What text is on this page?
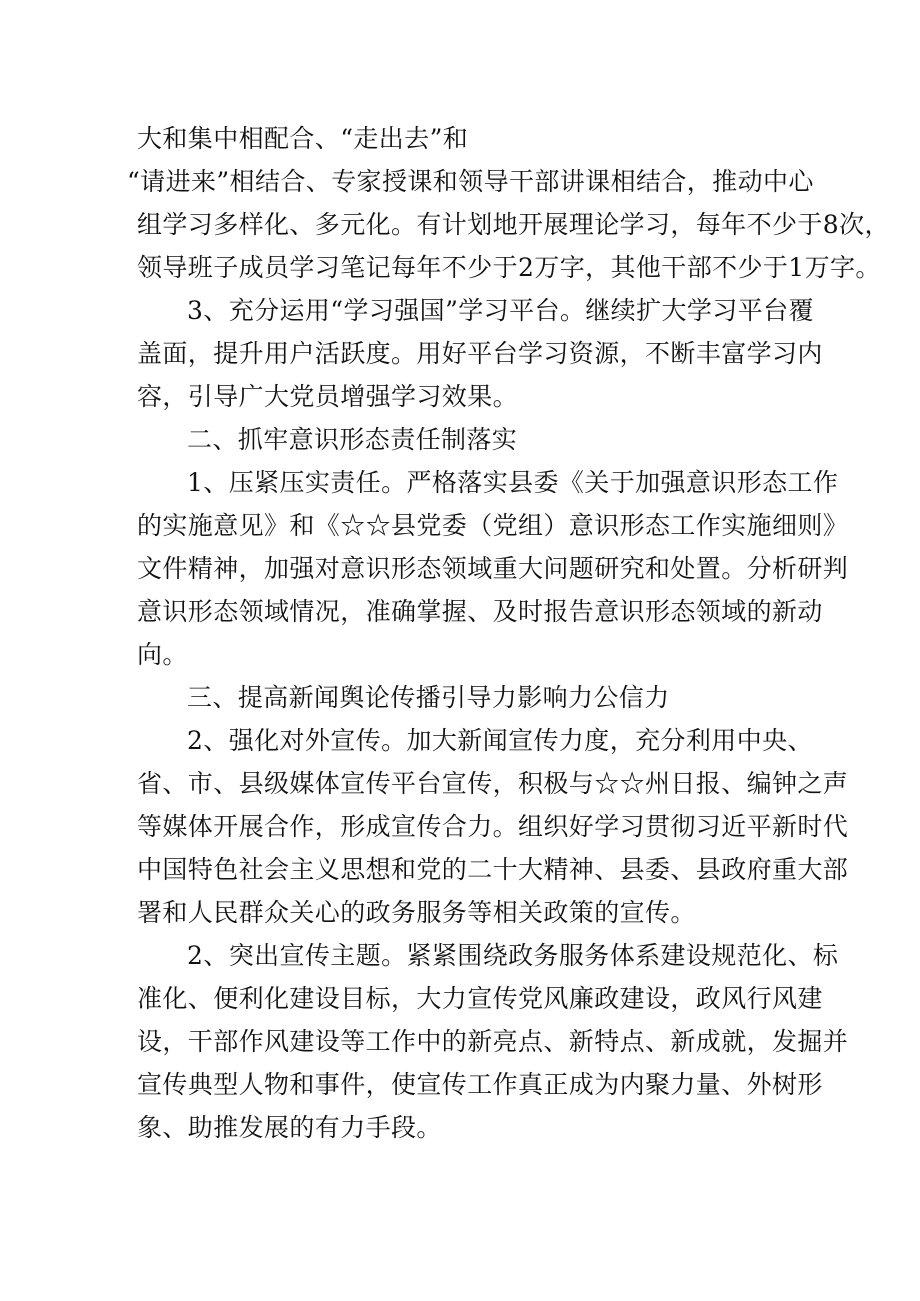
大和集中相配合、“走出去”和
“请进来”相结合、专家授课和领导干部讲课相结合，推动中心
组学习多样化、多元化。有计划地开展理论学习，每年不少于8次，
领导班子成员学习笔记每年不少于2万字，其他干部不少于1万字。
3、充分运用“学习强国”学习平台。继续扩大学习平台覆
盖面，提升用户活跃度。用好平台学习资源，不断丰富学习内
容，引导广大党员增强学习效果。
二、抓牢意识形态责任制落实
1、压紧压实责任。严格落实县委《关于加强意识形态工作
的实施意见》和《☆☆县党委（党组）意识形态工作实施细则》
文件精神，加强对意识形态领域重大问题研究和处置。分析研判
意识形态领域情况，准确掌握、及时报告意识形态领域的新动
向。
三、提高新闻舆论传播引导力影响力公信力
2、强化对外宣传。加大新闻宣传力度，充分利用中央、
省、市、县级媒体宣传平台宣传，积极与☆☆州日报、编钟之声
等媒体开展合作，形成宣传合力。组织好学习贯彻习近平新时代
中国特色社会主义思想和党的二十大精神、县委、县政府重大部
署和人民群众关心的政务服务等相关政策的宣传。
2、突出宣传主题。紧紧围绕政务服务体系建设规范化、标
准化、便利化建设目标，大力宣传党风廉政建设，政风行风建
设，干部作风建设等工作中的新亮点、新特点、新成就，发掘并
宣传典型人物和事件，使宣传工作真正成为内聚力量、外树形
象、助推发展的有力手段。
